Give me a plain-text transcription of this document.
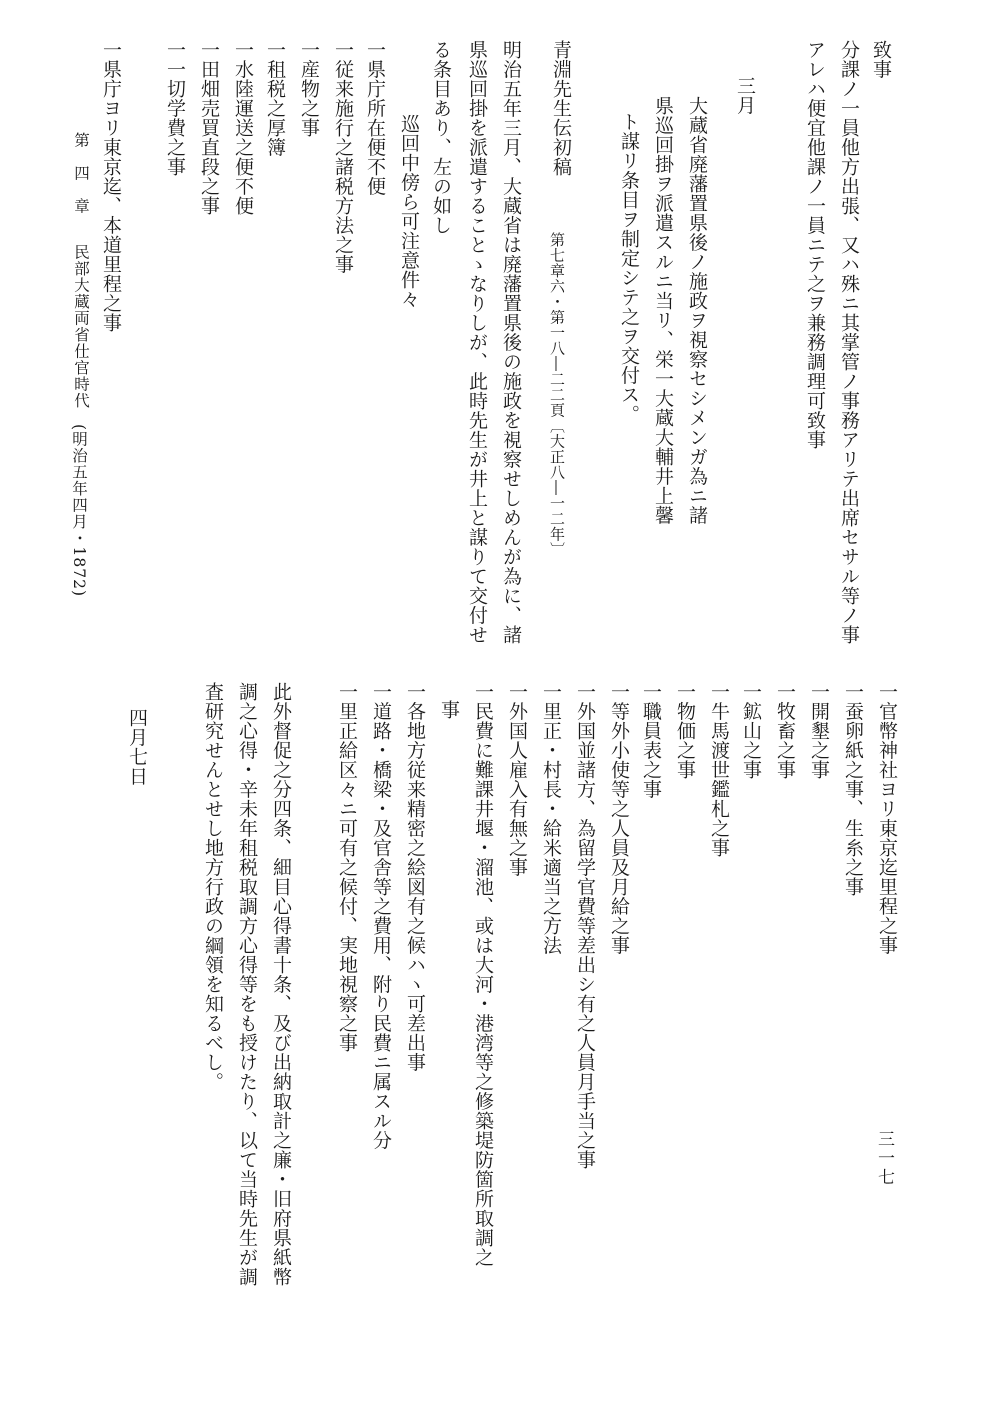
致事
分課ノ一員他方出張、又ハ殊ニ其掌管ノ事務アリテ出席セサル等ノ事
アレハ便宜他課ノ一員ニテ之ヲ兼務調理可致事
三月
大蔵省廃藩置県後ノ施政ヲ視察セシメンガ為ニ諸
県巡回掛ヲ派遣スルニ当リ、栄一大蔵大輔井上馨
ト謀リ条目ヲ制定シテ之ヲ交付ス。
青淵先生伝初稿
第七章六・第一八―二二頁〔大正八―一二年〕
明治五年三月、大蔵省は廃藩置県後の施政を視察せしめんが為に、諸
県巡回掛を派遣することゝなりしが、此時先生が井上と謀りて交付せ
る条目あり、左の如し
巡回中傍ら可注意件々
一県庁所在便不便
一従来施行之諸税方法之事
一産物之事
一租税之厚簿
一水陸運送之便不便
一田畑売買直段之事
一一切学費之事
一県庁ヨリ東京迄、本道里程之事
第　四　章
民部大蔵両省仕官時代
(明治五年四月・1872)
一官幣神社ヨリ東京迄里程之事
一蚕卵紙之事、生糸之事
一開墾之事
一牧畜之事
一鉱山之事
一牛馬渡世鑑札之事
一物価之事
一職員表之事
一等外小使等之人員及月給之事
一外国並諸方、為留学官費等差出シ有之人員月手当之事
一里正・村長・給米適当之方法
一外国人雇入有無之事
一民費に難課井堰・溜池、或は大河・港湾等之修築堤防箇所取調之
事
一各地方従来精密之絵図有之候ハヽ可差出事
一道路・橋梁・及官舎等之費用、附り民費ニ属スル分
一里正給区々ニ可有之候付、実地視察之事
此外督促之分四条、細目心得書十条、及び出納取計之廉・旧府県紙幣
調之心得・辛未年租税取調方心得等をも授けたり、以て当時先生が調
査研究せんとせし地方行政の綱領を知るべし。
四月七日
三一七
